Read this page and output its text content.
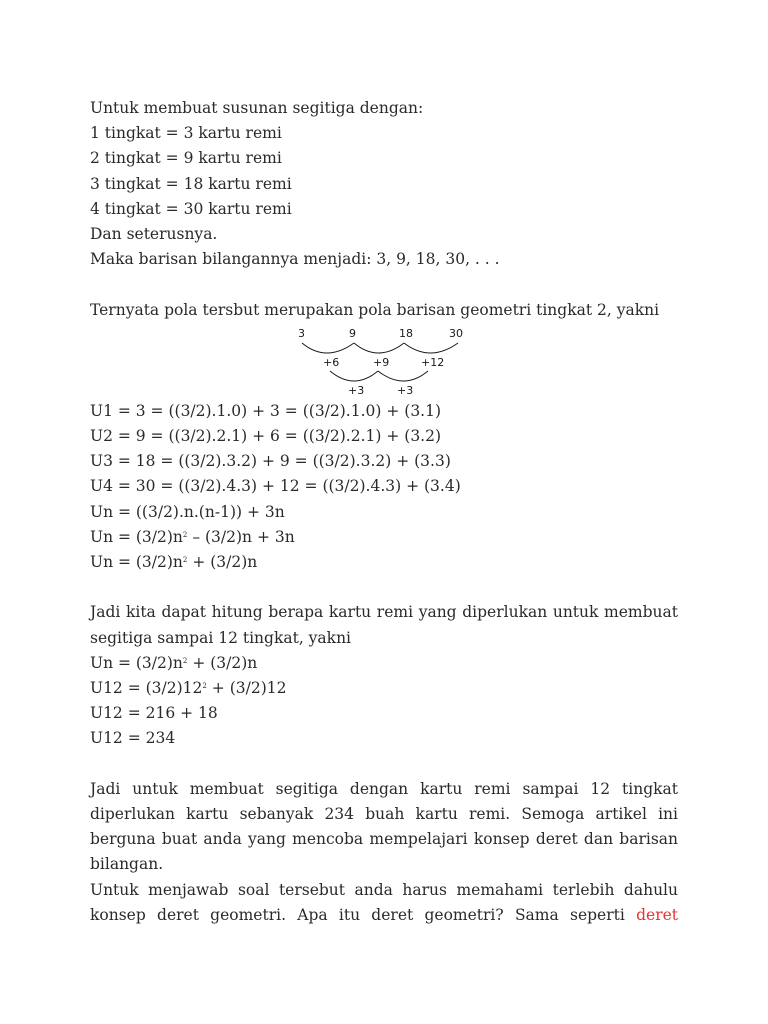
Untuk membuat susunan segitiga dengan:
1 tingkat = 3 kartu remi
2 tingkat = 9 kartu remi
3 tingkat = 18 kartu remi
4 tingkat = 30 kartu remi
Dan seterusnya.
Maka barisan bilangannya menjadi: 3, 9, 18, 30, . . .
Ternyata pola tersbut merupakan pola barisan geometri tingkat 2, yakni
3	9	18	30
+6	+9	+12
+3	+3
U1 = 3 = ((3/2).1.0) + 3 = ((3/2).1.0) + (3.1)
U2 = 9 = ((3/2).2.1) + 6 = ((3/2).2.1) + (3.2)
U3 = 18 = ((3/2).3.2) + 9 = ((3/2).3.2) + (3.3)
U4 = 30 = ((3/2).4.3) + 12 = ((3/2).4.3) + (3.4)
Un = ((3/2).n.(n-1)) + 3n
$Un = (3/2)n^2 - (3/2)n + 3n$
$Un = (3/2)n^2 + (3/2)n$
Jadi kita dapat hitung berapa kartu remi yang diperlukan untuk membuat
segitiga sampai 12 tingkat, yakni
$Un = (3/2)n^2 + (3/2)n$
$U12 = (3/2)12^2 + (3/2)12$
U12 = 216 + 18
U12 = 234
Jadi untuk membuat segitiga dengan kartu remi sampai 12 tingkat
diperlukan kartu sebanyak 234 buah kartu remi. Semoga artikel ini
berguna buat anda yang mencoba mempelajari konsep deret dan barisan
bilangan.
Untuk menjawab soal tersebut anda harus memahami terlebih dahulu
konsep deret geometri. Apa itu deret geometri? Sama seperti deret
